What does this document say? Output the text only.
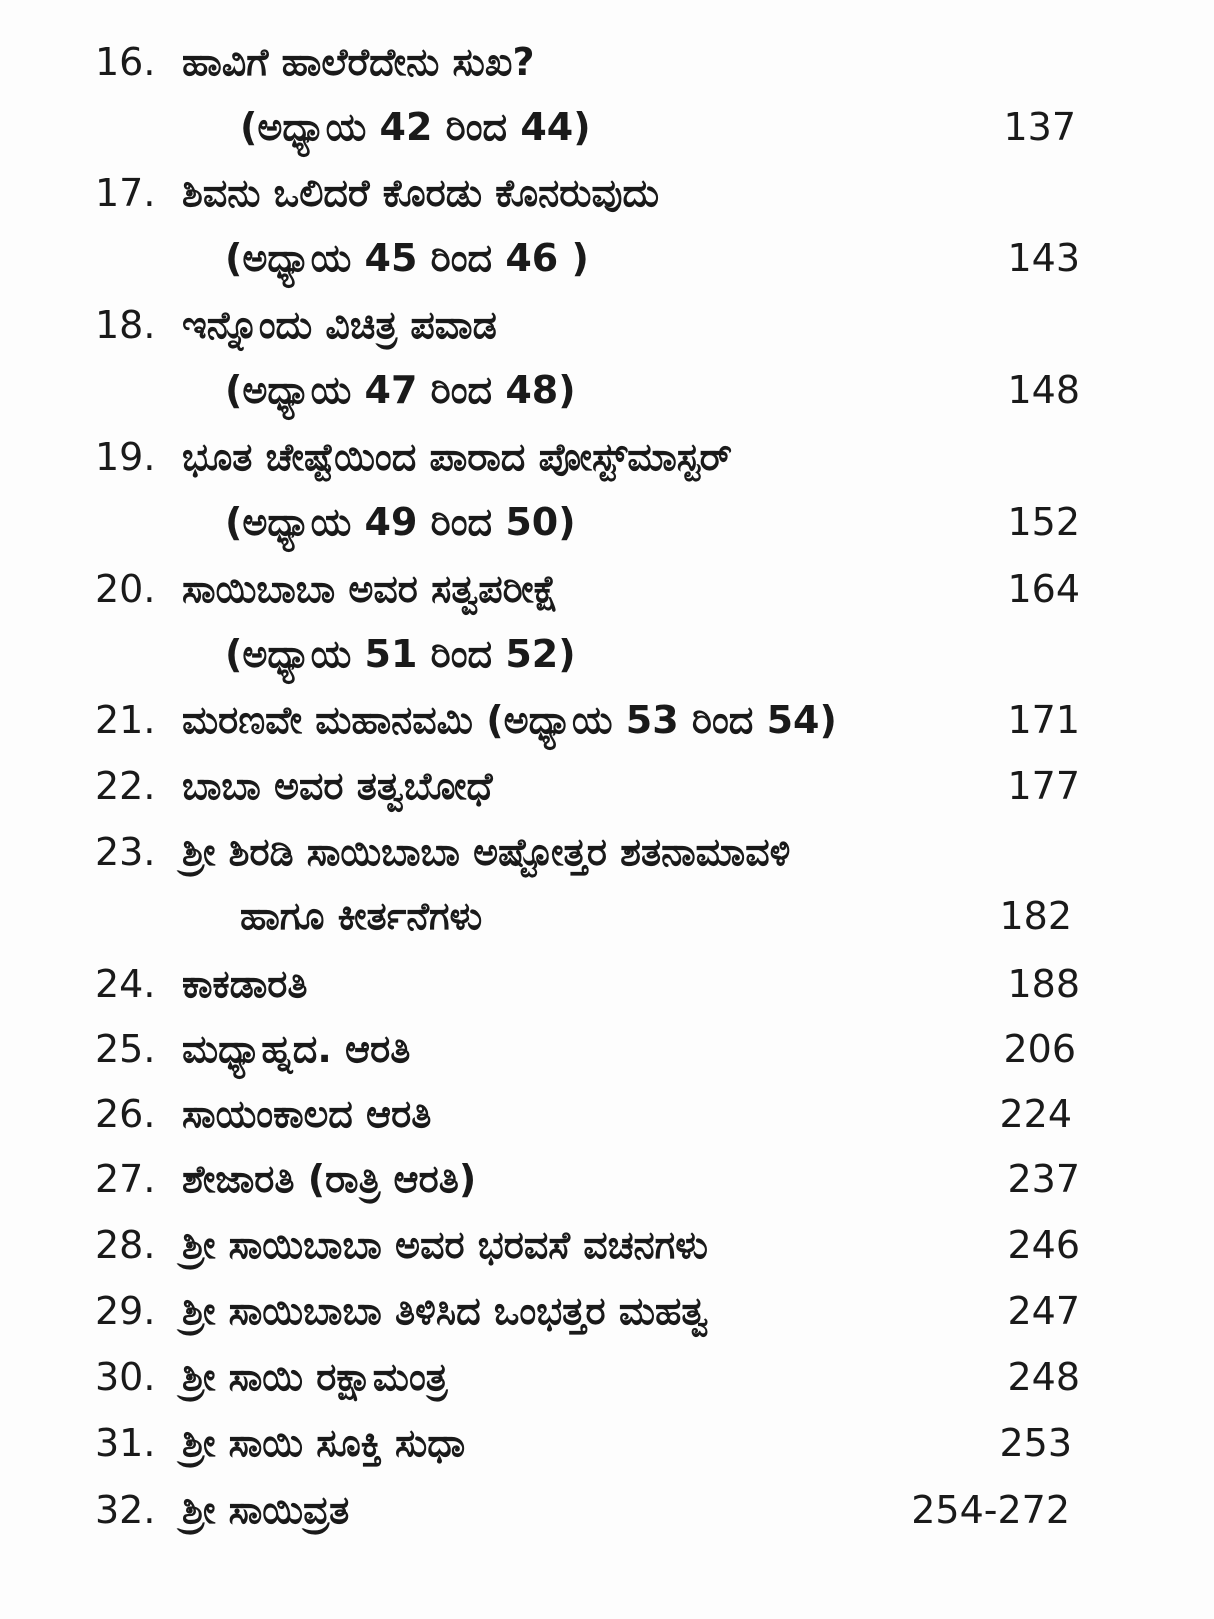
16. ಹಾವಿಗೆ ಹಾಲೆರೆದೇನು ಸುಖ?
(ಅಧ್ಯಾಯ 42 ರಿಂದ 44)	137
17. ಶಿವನು ಒಲಿದರೆ ಕೊರಡು ಕೊನರುವುದು
(ಅಧ್ಯಾಯ 45 ರಿಂದ 46 )	143
18. ಇನ್ನೊಂದು ವಿಚಿತ್ರ ಪವಾಡ
(ಅಧ್ಯಾಯ 47 ರಿಂದ 48)	148
19. ಭೂತ ಚೇಷ್ಟೆಯಿಂದ ಪಾರಾದ ಪೋಸ್ಟ್‌ಮಾಸ್ಟರ್
(ಅಧ್ಯಾಯ 49 ರಿಂದ 50)	152
20. ಸಾಯಿಬಾಬಾ ಅವರ ಸತ್ವಪರೀಕ್ಷೆ	164
(ಅಧ್ಯಾಯ 51 ರಿಂದ 52)
21. ಮರಣವೇ ಮಹಾನವಮಿ (ಅಧ್ಯಾಯ 53 ರಿಂದ 54)	171
22. ಬಾಬಾ ಅವರ ತತ್ವಬೋಧೆ	177
23. ಶ್ರೀ ಶಿರಡಿ ಸಾಯಿಬಾಬಾ ಅಷ್ಟೋತ್ತರ ಶತನಾಮಾವಳಿ
ಹಾಗೂ ಕೀರ್ತನೆಗಳು	182
24. ಕಾಕಡಾರತಿ	188
25. ಮಧ್ಯಾಹ್ನದ. ಆರತಿ	206
26. ಸಾಯಂಕಾಲದ ಆರತಿ	224
27. ಶೇಜಾರತಿ (ರಾತ್ರಿ ಆರತಿ)	237
28. ಶ್ರೀ ಸಾಯಿಬಾಬಾ ಅವರ ಭರವಸೆ ವಚನಗಳು	246
29. ಶ್ರೀ ಸಾಯಿಬಾಬಾ ತಿಳಿಸಿದ ಒಂಭತ್ತರ ಮಹತ್ವ	247
30. ಶ್ರೀ ಸಾಯಿ ರಕ್ಷಾಮಂತ್ರ	248
31. ಶ್ರೀ ಸಾಯಿ ಸೂಕ್ತಿ ಸುಧಾ	253
32. ಶ್ರೀ ಸಾಯಿವ್ರತ	254-272
